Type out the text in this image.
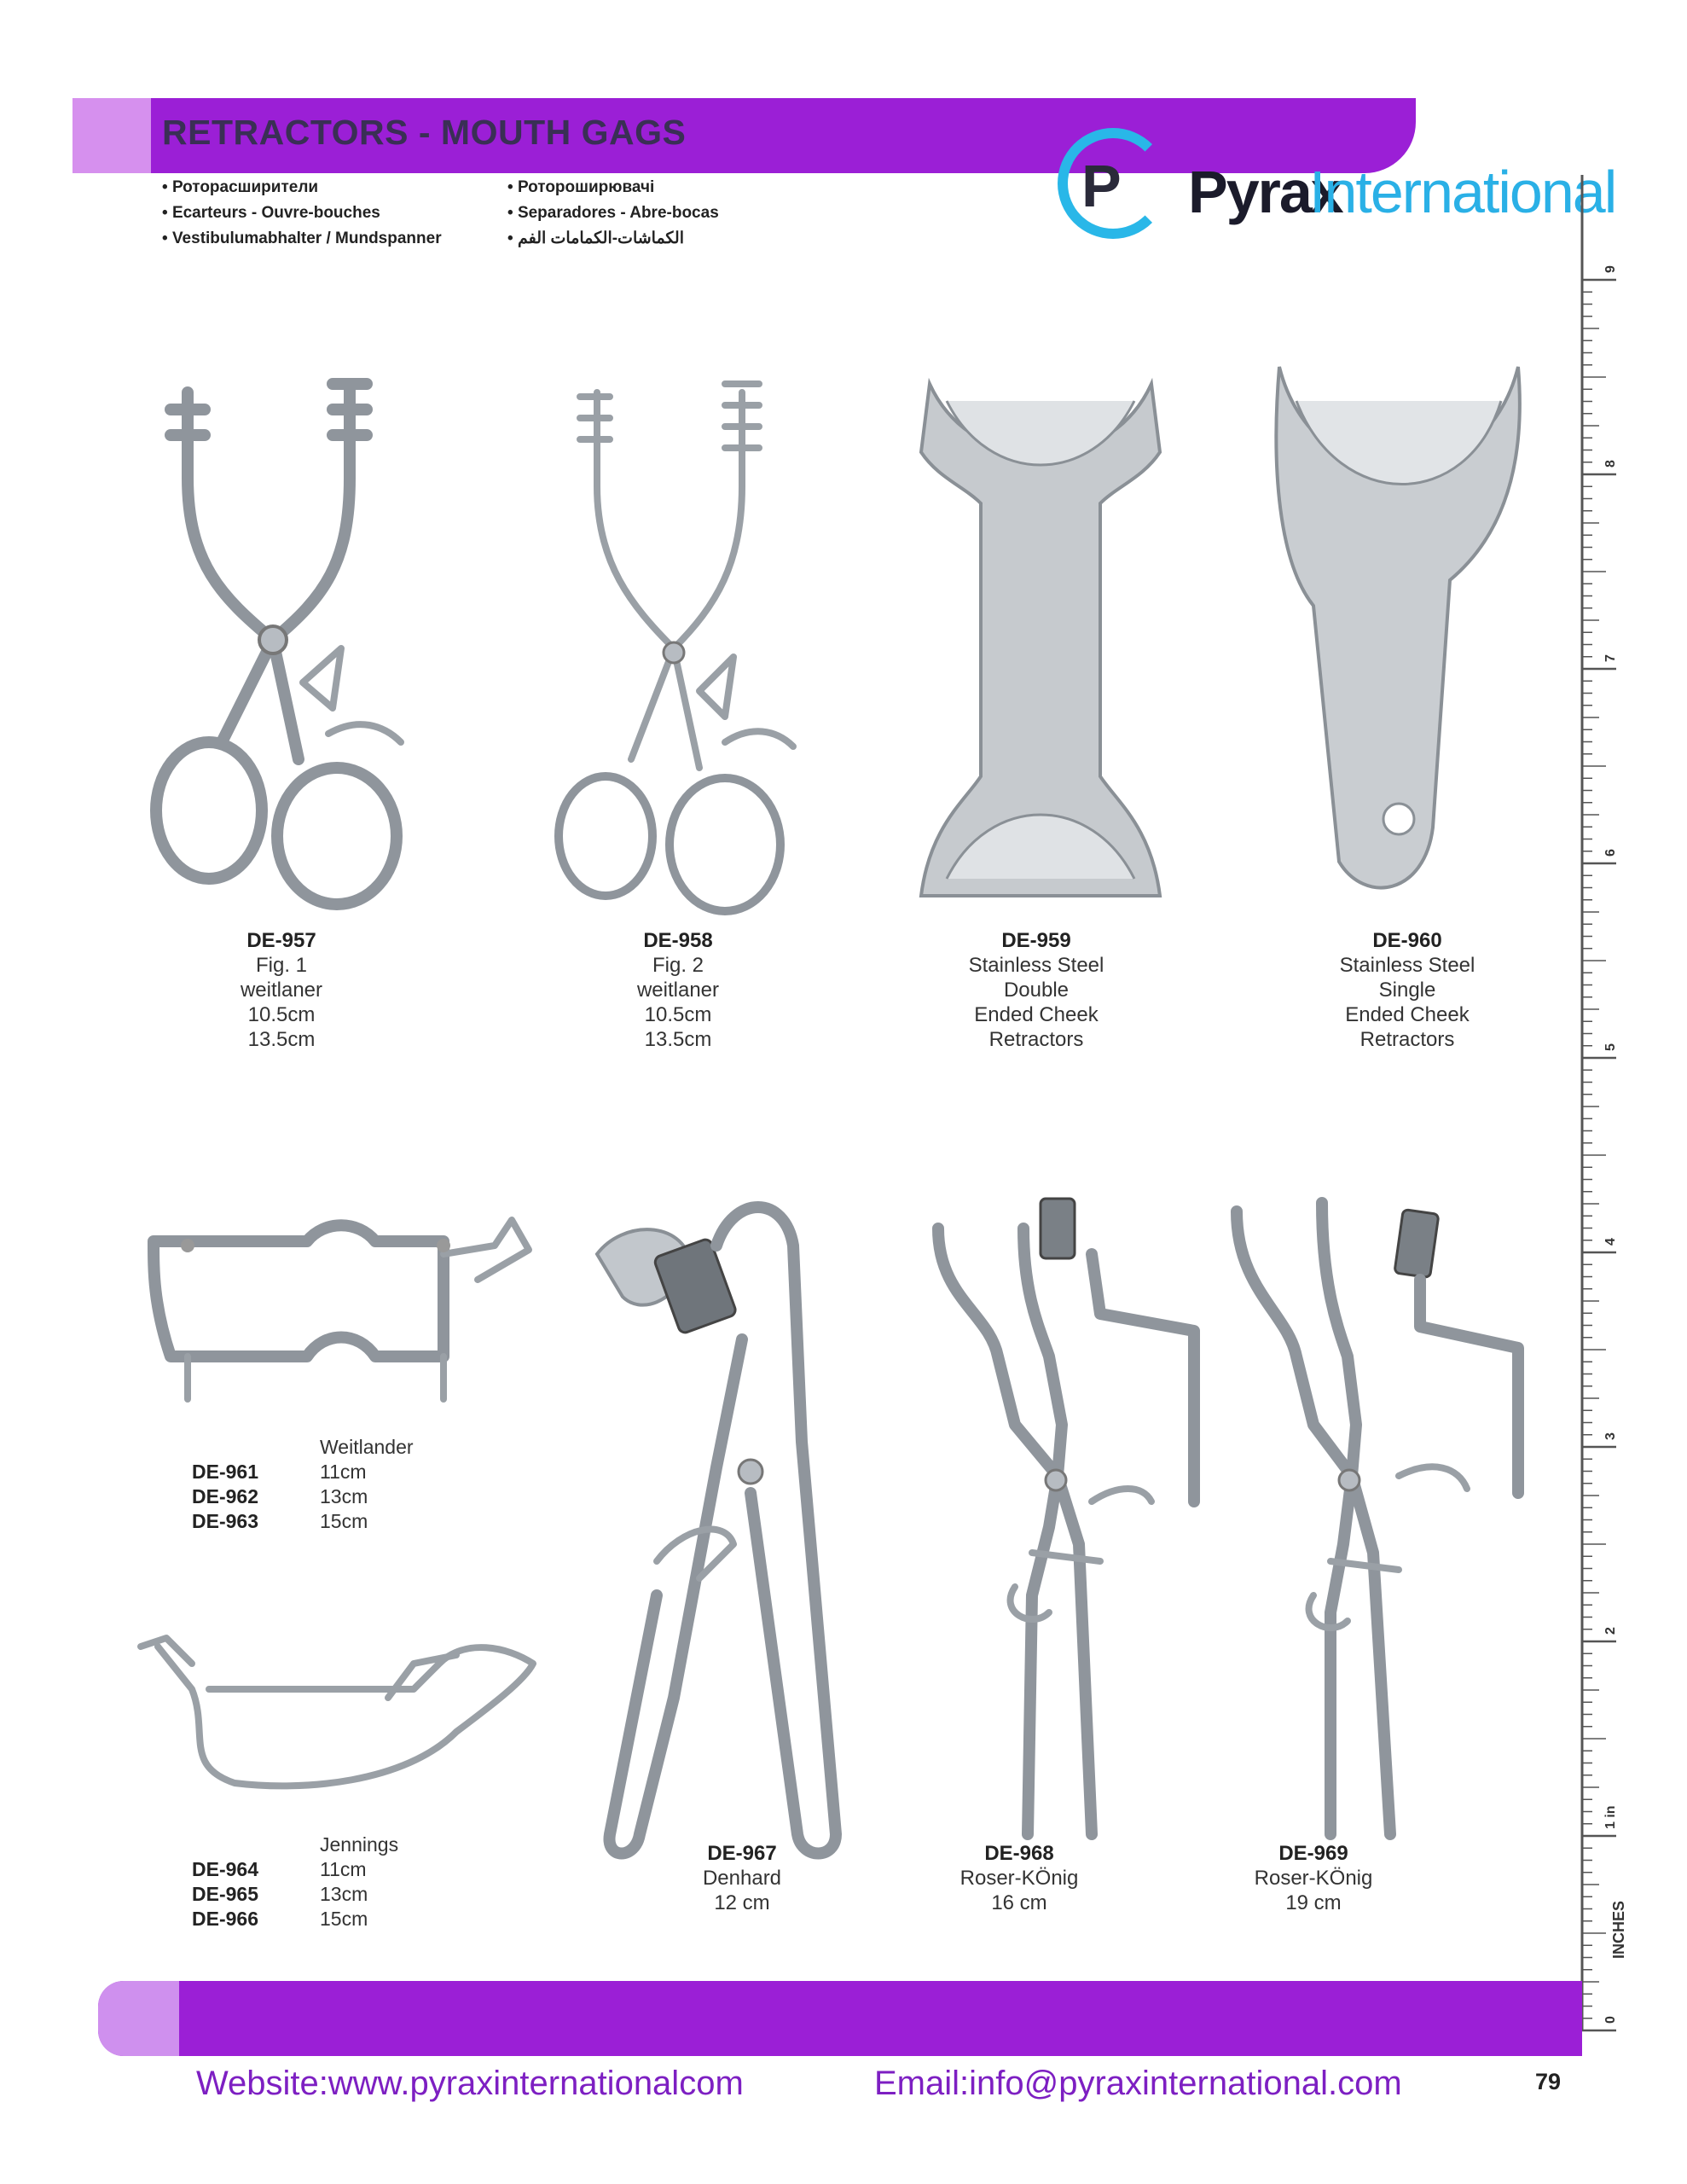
RETRACTORS - MOUTH GAGS
• Роторасширители
• Ecarteurs - Ouvre-bouches
• Vestibulumabhalter / Mundspanner
• Ротороширювачі
• Separadores - Abre-bocas
• الكماشات-الكمامات الفم
P Pyrax
International
INCHES
0
1 in
2
3
4
5
6
7
8
9
DE-957
Fig. 1
weitlaner
10.5cm
13.5cm
DE-958
Fig. 2
weitlaner
10.5cm
13.5cm
DE-959
Stainless Steel
Double
Ended Cheek
Retractors
DE-960
Stainless Steel
Single
Ended Cheek
Retractors
Weitlander
DE-961	11cm
DE-962	13cm
DE-963	15cm
Jennings
DE-964	11cm
DE-965	13cm
DE-966	15cm
DE-967
Denhard
12 cm
DE-968
Roser-KÖnig
16 cm
DE-969
Roser-KÖnig
19 cm
Website:www.pyraxinternationalcom	Email:info@pyraxinternational.com	79
